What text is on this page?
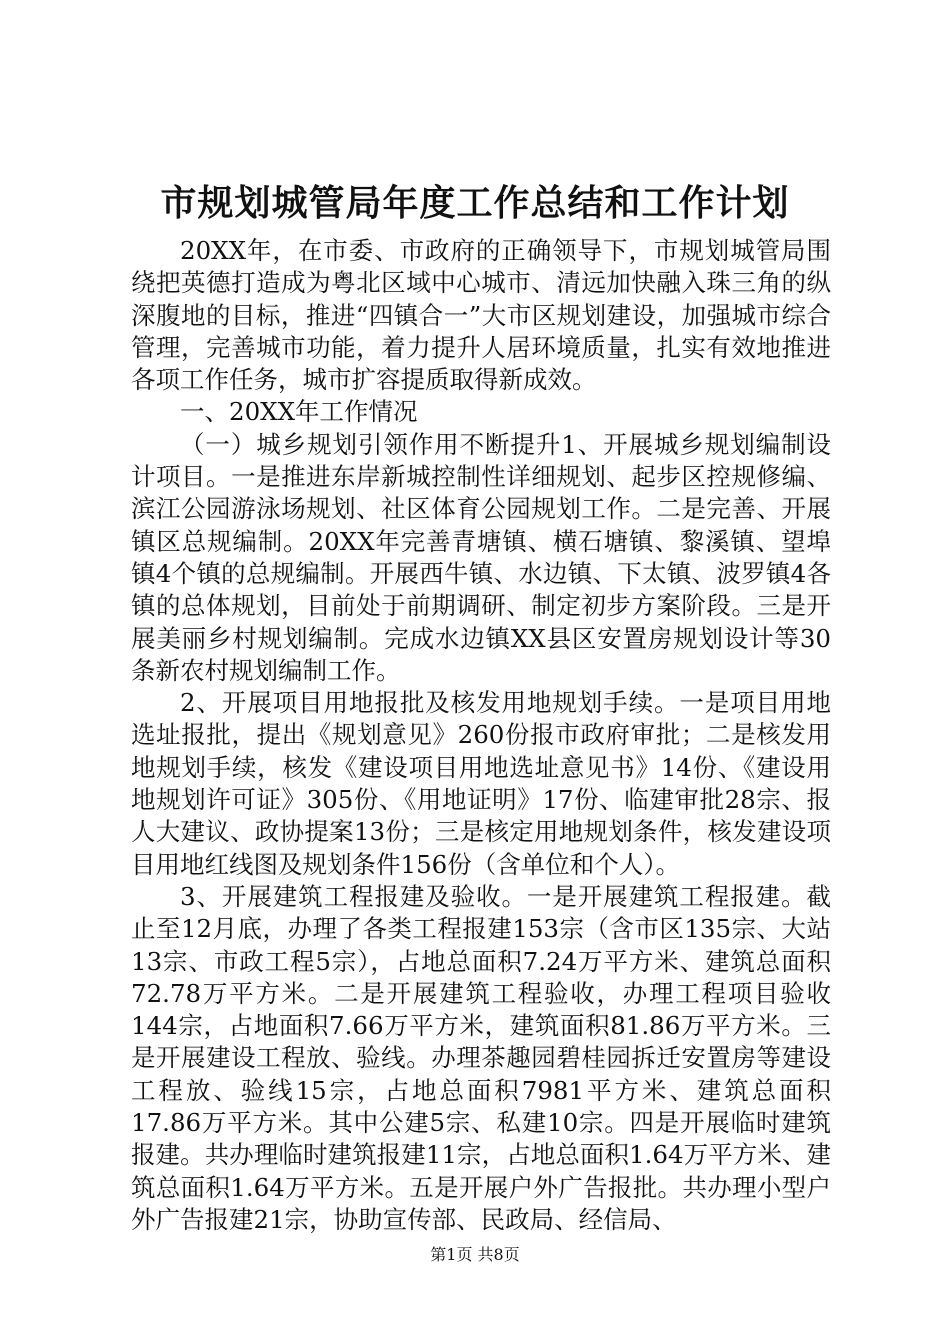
市规划城管局年度工作总结和工作计划

20XX年，在市委、市政府的正确领导下，市规划城管局围绕把英德打造成为粤北区域中心城市、清远加快融入珠三角的纵深腹地的目标，推进“四镇合一”大市区规划建设，加强城市综合管理，完善城市功能，着力提升人居环境质量，扎实有效地推进各项工作任务，城市扩容提质取得新成效。

一、20XX年工作情况

（一）城乡规划引领作用不断提升1、开展城乡规划编制设计项目。一是推进东岸新城控制性详细规划、起步区控规修编、滨江公园游泳场规划、社区体育公园规划工作。二是完善、开展镇区总规编制。20XX年完善青塘镇、横石塘镇、黎溪镇、望埠镇4个镇的总规编制。开展西牛镇、水边镇、下太镇、波罗镇4各镇的总体规划，目前处于前期调研、制定初步方案阶段。三是开展美丽乡村规划编制。完成水边镇XX县区安置房规划设计等30条新农村规划编制工作。

2、开展项目用地报批及核发用地规划手续。一是项目用地选址报批，提出《规划意见》260份报市政府审批；二是核发用地规划手续，核发《建设项目用地选址意见书》14份、《建设用地规划许可证》305份、《用地证明》17份、临建审批28宗、报人大建议、政协提案13份；三是核定用地规划条件，核发建设项目用地红线图及规划条件156份（含单位和个人）。

3、开展建筑工程报建及验收。一是开展建筑工程报建。截止至12月底，办理了各类工程报建153宗（含市区135宗、大站13宗、市政工程5宗），占地总面积7.24万平方米、建筑总面积72.78万平方米。二是开展建筑工程验收，办理工程项目验收144宗，占地面积7.66万平方米，建筑面积81.86万平方米。三是开展建设工程放、验线。办理茶趣园碧桂园拆迁安置房等建设工程放、验线15宗，占地总面积7981平方米、建筑总面积17.86万平方米。其中公建5宗、私建10宗。四是开展临时建筑报建。共办理临时建筑报建11宗，占地总面积1.64万平方米、建筑总面积1.64万平方米。五是开展户外广告报批。共办理小型户外广告报建21宗，协助宣传部、民政局、经信局、

第1页 共8页
